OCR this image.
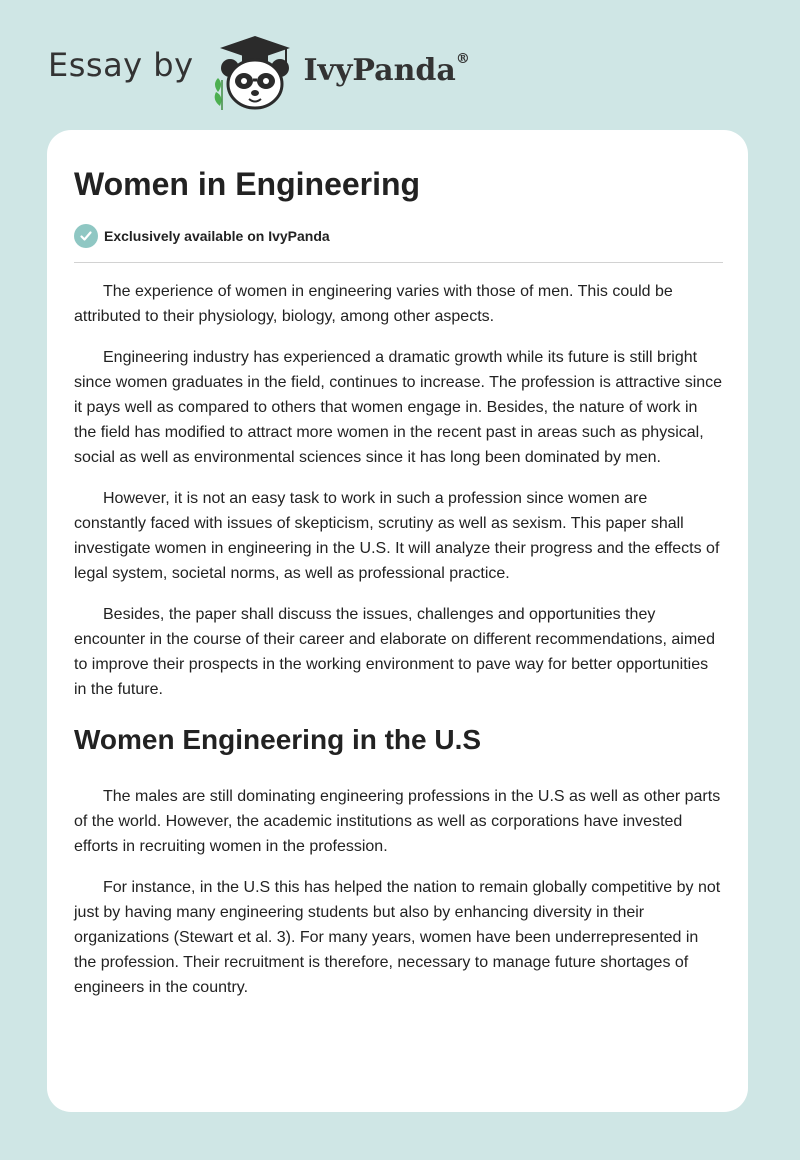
Essay by	IvyPanda®
Women in Engineering
Exclusively available on IvyPanda

The experience of women in engineering varies with those of men. This could be attributed to their physiology, biology, among other aspects.

Engineering industry has experienced a dramatic growth while its future is still bright since women graduates in the field, continues to increase. The profession is attractive since it pays well as compared to others that women engage in. Besides, the nature of work in the field has modified to attract more women in the recent past in areas such as physical, social as well as environmental sciences since it has long been dominated by men.

However, it is not an easy task to work in such a profession since women are constantly faced with issues of skepticism, scrutiny as well as sexism. This paper shall investigate women in engineering in the U.S. It will analyze their progress and the effects of legal system, societal norms, as well as professional practice.

Besides, the paper shall discuss the issues, challenges and opportunities they encounter in the course of their career and elaborate on different recommendations, aimed to improve their prospects in the working environment to pave way for better opportunities in the future.

Women Engineering in the U.S

The males are still dominating engineering professions in the U.S as well as other parts of the world. However, the academic institutions as well as corporations have invested efforts in recruiting women in the profession.

For instance, in the U.S this has helped the nation to remain globally competitive by not just by having many engineering students but also by enhancing diversity in their organizations (Stewart et al. 3). For many years, women have been underrepresented in the profession. Their recruitment is therefore, necessary to manage future shortages of engineers in the country.
